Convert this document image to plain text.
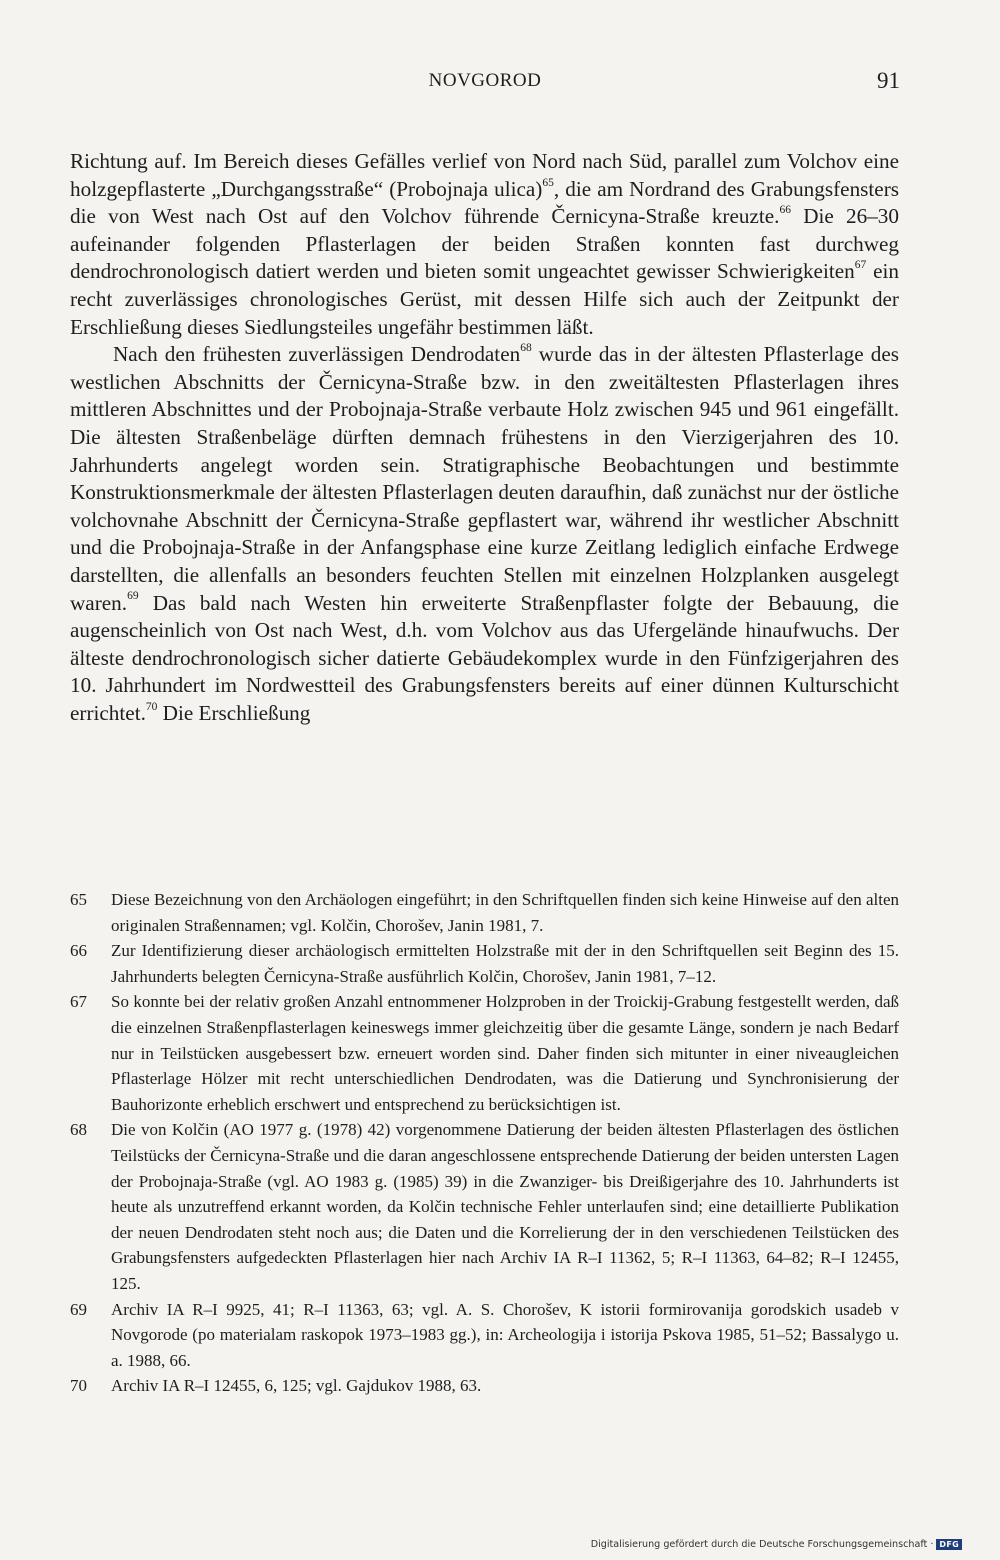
NOVGOROD	91

Richtung auf. Im Bereich dieses Gefälles verlief von Nord nach Süd, parallel zum Volchov eine holzgepflasterte „Durchgangsstraße“ (Probojnaja ulica)$^{65}$, die am Nordrand des Grabungsfensters die von West nach Ost auf den Volchov führende Černicyna-Straße kreuzte.$^{66}$ Die 26–30 aufeinander folgenden Pflasterlagen der beiden Straßen konnten fast durchweg dendrochronologisch datiert werden und bieten somit ungeachtet gewisser Schwierigkeiten$^{67}$ ein recht zuverlässiges chronologisches Gerüst, mit dessen Hilfe sich auch der Zeitpunkt der Erschließung dieses Siedlungsteiles ungefähr bestimmen läßt.

Nach den frühesten zuverlässigen Dendrodaten$^{68}$ wurde das in der ältesten Pflasterlage des westlichen Abschnitts der Černicyna-Straße bzw. in den zweitältesten Pflasterlagen ihres mittleren Abschnittes und der Probojnaja-Straße verbaute Holz zwischen 945 und 961 eingefällt. Die ältesten Straßenbeläge dürften demnach frühestens in den Vierzigerjahren des 10. Jahrhunderts angelegt worden sein. Stratigraphische Beobachtungen und bestimmte Konstruktionsmerkmale der ältesten Pflasterlagen deuten daraufhin, daß zunächst nur der östliche volchovnahe Abschnitt der Černicyna-Straße gepflastert war, während ihr westlicher Abschnitt und die Probojnaja-Straße in der Anfangsphase eine kurze Zeitlang lediglich einfache Erdwege darstellten, die allenfalls an besonders feuchten Stellen mit einzelnen Holzplanken ausgelegt waren.$^{69}$ Das bald nach Westen hin erweiterte Straßenpflaster folgte der Bebauung, die augenscheinlich von Ost nach West, d.h. vom Volchov aus das Ufergelände hinaufwuchs. Der älteste dendrochronologisch sicher datierte Gebäudekomplex wurde in den Fünfzigerjahren des 10. Jahrhundert im Nordwestteil des Grabungsfensters bereits auf einer dünnen Kulturschicht errichtet.$^{70}$ Die Erschließung

65	Diese Bezeichnung von den Archäologen eingeführt; in den Schriftquellen finden sich keine Hinweise auf den alten originalen Straßennamen; vgl. Kolčin, Chorošev, Janin 1981, 7.
66	Zur Identifizierung dieser archäologisch ermittelten Holzstraße mit der in den Schriftquellen seit Beginn des 15. Jahrhunderts belegten Černicyna-Straße ausführlich Kolčin, Chorošev, Janin 1981, 7–12.
67	So konnte bei der relativ großen Anzahl entnommener Holzproben in der Troickij-Grabung festgestellt werden, daß die einzelnen Straßenpflasterlagen keineswegs immer gleichzeitig über die gesamte Länge, sondern je nach Bedarf nur in Teilstücken ausgebessert bzw. erneuert worden sind. Daher finden sich mitunter in einer niveaugleichen Pflasterlage Hölzer mit recht unterschiedlichen Dendrodaten, was die Datierung und Synchronisierung der Bauhorizonte erheblich erschwert und entsprechend zu berücksichtigen ist.
68	Die von Kolčin (AO 1977 g. (1978) 42) vorgenommene Datierung der beiden ältesten Pflasterlagen des östlichen Teilstücks der Černicyna-Straße und die daran angeschlossene entsprechende Datierung der beiden untersten Lagen der Probojnaja-Straße (vgl. AO 1983 g. (1985) 39) in die Zwanziger- bis Dreißigerjahre des 10. Jahrhunderts ist heute als unzutreffend erkannt worden, da Kolčin technische Fehler unterlaufen sind; eine detaillierte Publikation der neuen Dendrodaten steht noch aus; die Daten und die Korrelierung der in den verschiedenen Teilstücken des Grabungsfensters aufgedeckten Pflasterlagen hier nach Archiv IA R–I 11362, 5; R–I 11363, 64–82; R–I 12455, 125.
69	Archiv IA R–I 9925, 41; R–I 11363, 63; vgl. A. S. Chorošev, K istorii formirovanija gorodskich usadeb v Novgorode (po materialam raskopok 1973–1983 gg.), in: Archeologija i istorija Pskova 1985, 51–52; Bassalygo u. a. 1988, 66.
70	Archiv IA R–I 12455, 6, 125; vgl. Gajdukov 1988, 63.
Digitalisierung gefördert durch die Deutsche Forschungsgemeinschaft · DFG
